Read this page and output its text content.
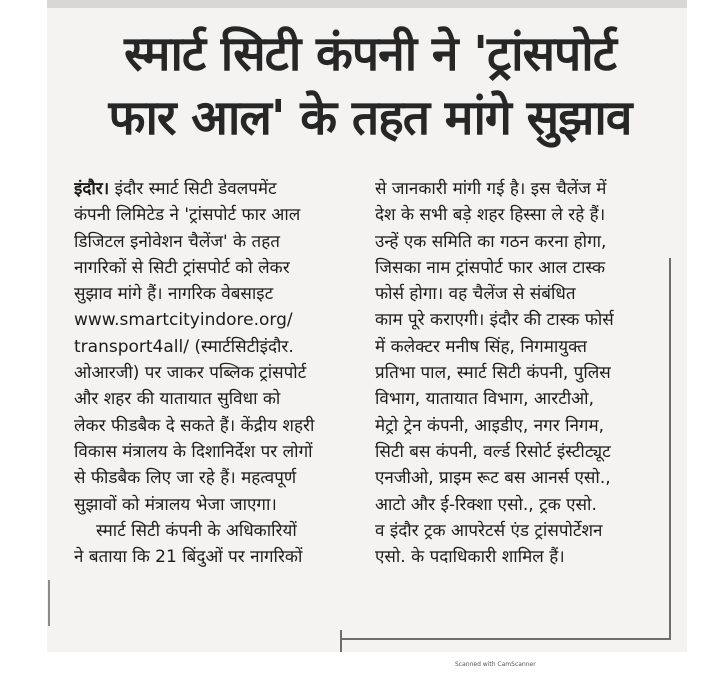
स्मार्ट सिटी कंपनी ने 'ट्रांसपोर्ट
फार आल' के तहत मांगे सुझाव
इंदौर। इंदौर स्मार्ट सिटी डेवलपमेंट
कंपनी लिमिटेड ने 'ट्रांसपोर्ट फार आल
डिजिटल इनोवेशन चैलेंज' के तहत
नागरिकों से सिटी ट्रांसपोर्ट को लेकर
सुझाव मांगे हैं। नागरिक वेबसाइट
www.smartcityindore.org/
transport4all/ (स्मार्टसिटीइंदौर.
ओआरजी) पर जाकर पब्लिक ट्रांसपोर्ट
और शहर की यातायात सुविधा को
लेकर फीडबैक दे सकते हैं। केंद्रीय शहरी
विकास मंत्रालय के दिशानिर्देश पर लोगों
से फीडबैक लिए जा रहे हैं। महत्वपूर्ण
सुझावों को मंत्रालय भेजा जाएगा।
स्मार्ट सिटी कंपनी के अधिकारियों
ने बताया कि 21 बिंदुओं पर नागरिकों
से जानकारी मांगी गई है। इस चैलेंज में
देश के सभी बड़े शहर हिस्सा ले रहे हैं।
उन्हें एक समिति का गठन करना होगा,
जिसका नाम ट्रांसपोर्ट फार आल टास्क
फोर्स होगा। वह चैलेंज से संबंधित
काम पूरे कराएगी। इंदौर की टास्क फोर्स
में कलेक्टर मनीष सिंह, निगमायुक्त
प्रतिभा पाल, स्मार्ट सिटी कंपनी, पुलिस
विभाग, यातायात विभाग, आरटीओ,
मेट्रो ट्रेन कंपनी, आइडीए, नगर निगम,
सिटी बस कंपनी, वर्ल्ड रिसोर्ट इंस्टीट्यूट
एनजीओ, प्राइम रूट बस आनर्स एसो.,
आटो और ई-रिक्शा एसो., ट्रक एसो.
व इंदौर ट्रक आपरेटर्स एंड ट्रांसपोर्टेशन
एसो. के पदाधिकारी शामिल हैं।
Scanned with CamScanner
